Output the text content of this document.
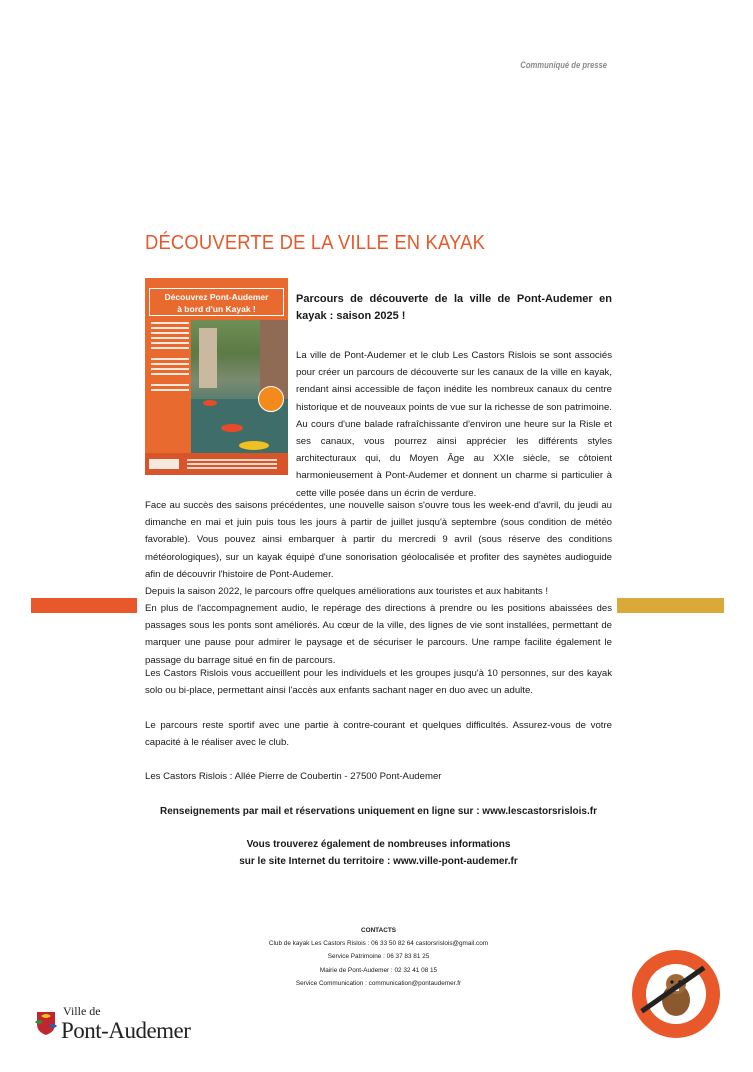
Communiqué de presse
DÉCOUVERTE DE LA VILLE EN KAYAK
Découvrez Pont-Audemer
à bord d'un Kayak !

Parcours de découverte de la ville de Pont-Audemer en kayak : saison 2025 !

La ville de Pont-Audemer et le club Les Castors Rislois se sont associés pour créer un parcours de découverte sur les canaux de la ville en kayak, rendant ainsi accessible de façon inédite les nombreux canaux du centre historique et de nouveaux points de vue sur la richesse de son patrimoine. Au cours d'une balade rafraîchissante d'environ une heure sur la Risle et ses canaux, vous pourrez ainsi apprécier les différents styles architecturaux qui, du Moyen Âge au XXIe siècle, se côtoient harmonieusement à Pont-Audemer et donnent un charme si particulier à cette ville posée dans un écrin de verdure.

Face au succès des saisons précédentes, une nouvelle saison s'ouvre tous les week-end d'avril, du jeudi au dimanche en mai et juin puis tous les jours à partir de juillet jusqu'à septembre (sous condition de météo favorable). Vous pouvez ainsi embarquer à partir du mercredi 9 avril (sous réserve des conditions météorologiques), sur un kayak équipé d'une sonorisation géolocalisée et profiter des saynètes audioguide afin de découvrir l'histoire de Pont-Audemer.

Depuis la saison 2022, le parcours offre quelques améliorations aux touristes et aux habitants !

En plus de l'accompagnement audio, le repérage des directions à prendre ou les positions abaissées des passages sous les ponts sont améliorés. Au cœur de la ville, des lignes de vie sont installées, permettant de marquer une pause pour admirer le paysage et de sécuriser le parcours. Une rampe facilite également le passage du barrage situé en fin de parcours.

Les Castors Rislois vous accueillent pour les individuels et les groupes jusqu'à 10 personnes, sur des kayak solo ou bi-place, permettant ainsi l'accès aux enfants sachant nager en duo avec un adulte.

Le parcours reste sportif avec une partie à contre-courant et quelques difficultés. Assurez-vous de votre capacité à le réaliser avec le club.

Les Castors Rislois : Allée Pierre de Coubertin - 27500 Pont-Audemer

Renseignements par mail et réservations uniquement en ligne sur : www.lescastorsrislois.fr

Vous trouverez également de nombreuses informations

sur le site Internet du territoire : www.ville-pont-audemer.fr

CONTACTS
Club de kayak Les Castors Rislois : 06 33 50 82 64 castorsrislois@gmail.com
Service Patrimoine : 06 37 83 81 25
Mairie de Pont-Audemer : 02 32 41 08 15
Service Communication : communication@pontaudemer.fr
Ville de
Pont-Audemer
